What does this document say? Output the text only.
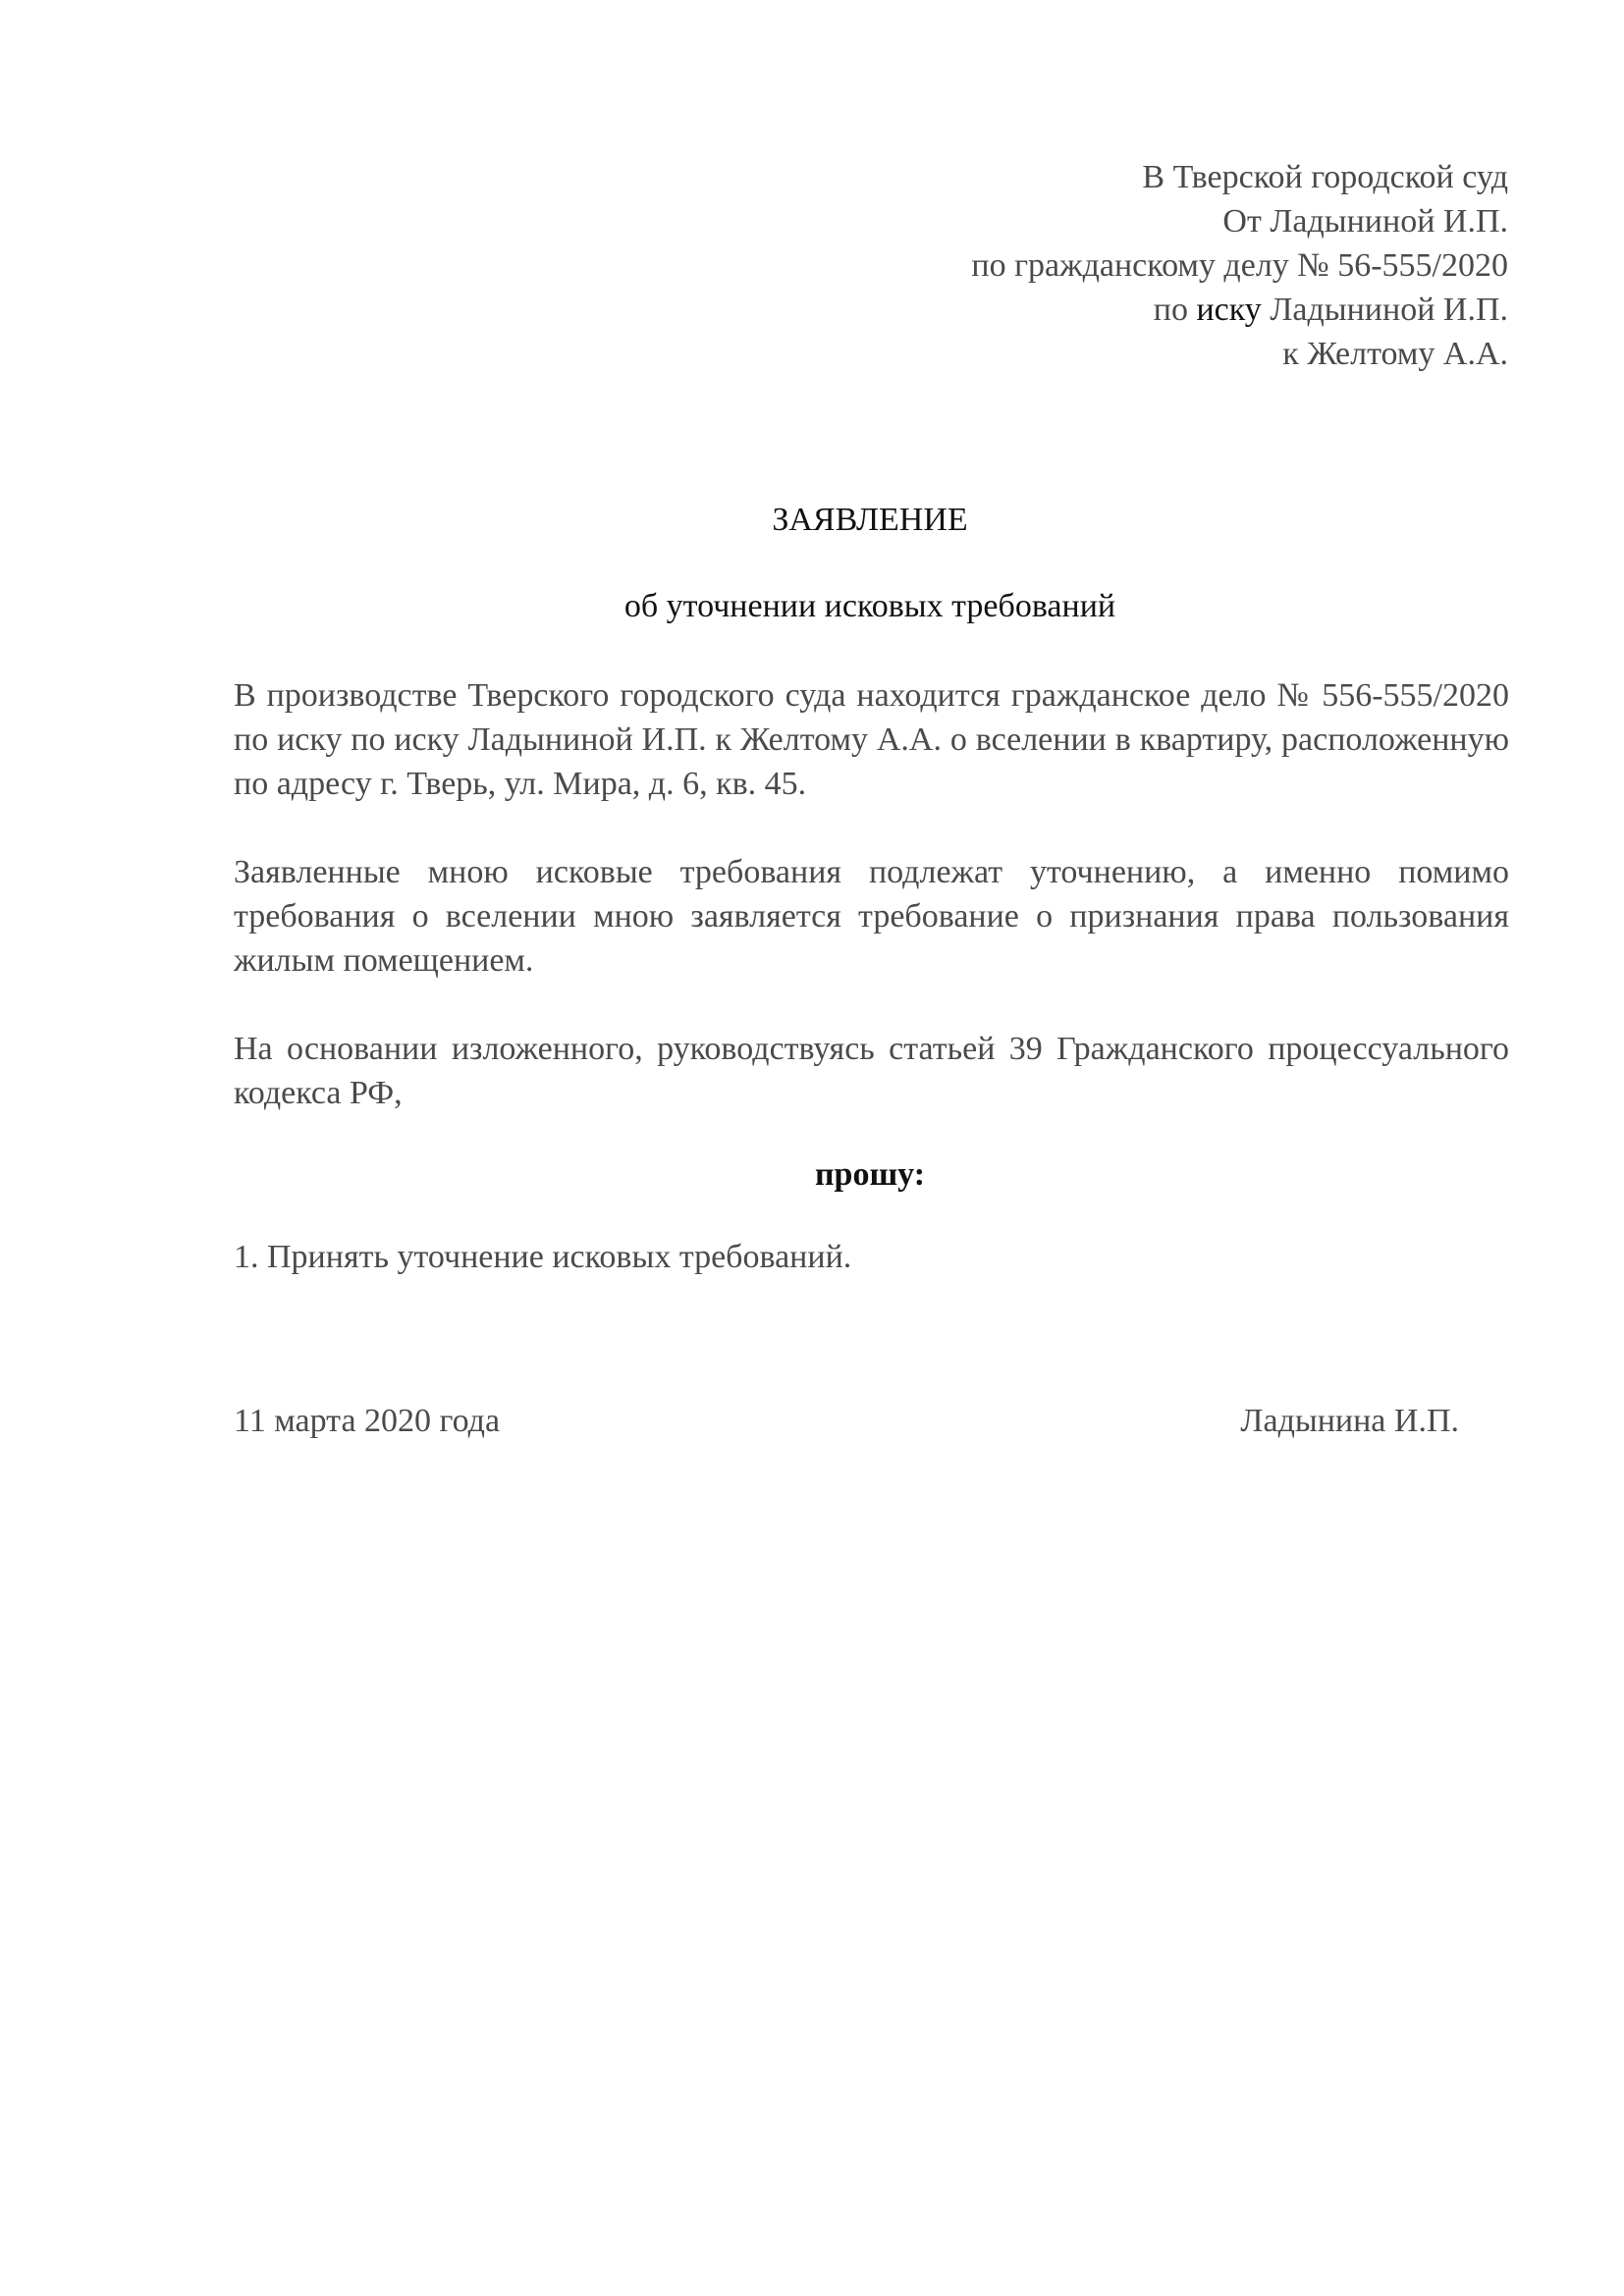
В Тверской городской суд
От Ладыниной И.П.
по гражданскому делу № 56-555/2020
по иску Ладыниной И.П.
к Желтому А.А.
ЗАЯВЛЕНИЕ
об уточнении исковых требований

В производстве Тверского городского суда находится гражданское дело № 556-555/2020 по иску по иску Ладыниной И.П. к Желтому А.А. о вселении в квартиру, расположенную по адресу г. Тверь, ул. Мира, д. 6, кв. 45.

Заявленные мною исковые требования подлежат уточнению, а именно помимо требования о вселении мною заявляется требование о признания права пользования жилым помещением.

На основании изложенного, руководствуясь статьей 39 Гражданского процессуального кодекса РФ,

прошу:
1. Принять уточнение исковых требований.
11 марта 2020 года	Ладынина И.П.
